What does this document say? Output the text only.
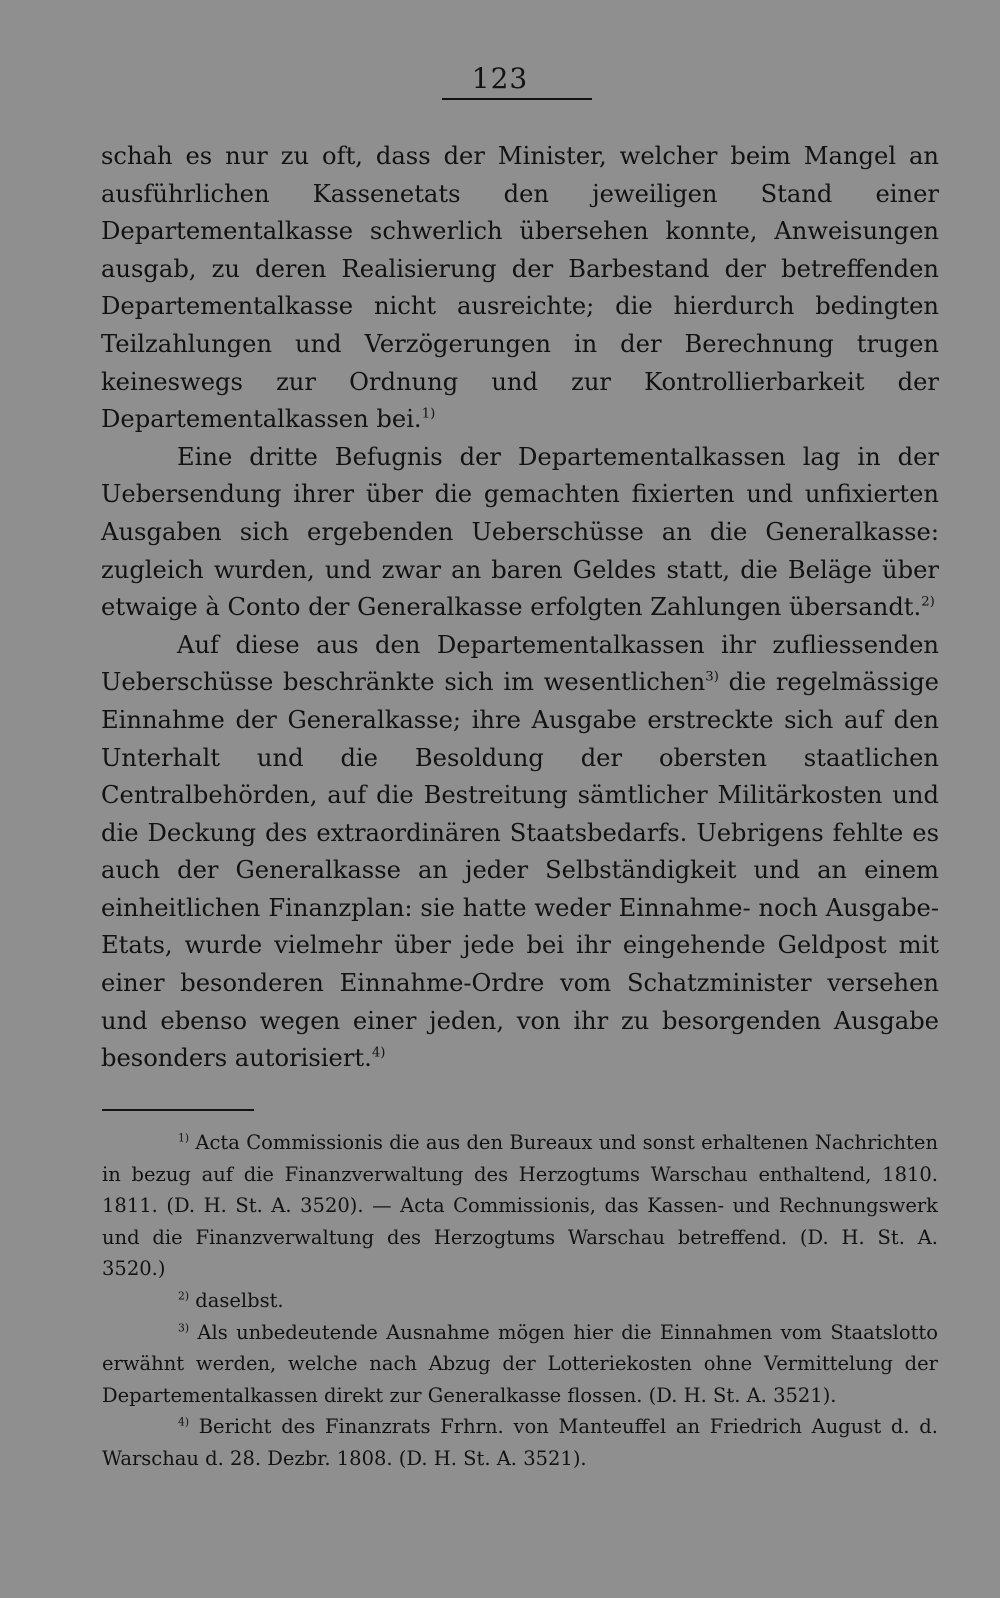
123

schah es nur zu oft, dass der Minister, welcher beim Mangel an ausführlichen Kassenetats den jeweiligen Stand einer Departementalkasse schwerlich übersehen konnte, Anweisungen ausgab, zu deren Realisierung der Barbestand der betreffenden Departementalkasse nicht ausreichte; die hierdurch bedingten Teilzahlungen und Verzögerungen in der Berechnung trugen keineswegs zur Ordnung und zur Kontrollierbarkeit der Departementalkassen bei.$^{1)}$

Eine dritte Befugnis der Departementalkassen lag in der Uebersendung ihrer über die gemachten fixierten und unfixierten Ausgaben sich ergebenden Ueberschüsse an die Generalkasse: zugleich wurden, und zwar an baren Geldes statt, die Beläge über etwaige à Conto der Generalkasse erfolgten Zahlungen übersandt.$^{2)}$

Auf diese aus den Departementalkassen ihr zufliessenden Ueberschüsse beschränkte sich im wesentlichen$^{3)}$ die regelmässige Einnahme der Generalkasse; ihre Ausgabe erstreckte sich auf den Unterhalt und die Besoldung der obersten staatlichen Centralbehörden, auf die Bestreitung sämtlicher Militärkosten und die Deckung des extraordinären Staatsbedarfs. Uebrigens fehlte es auch der Generalkasse an jeder Selbständigkeit und an einem einheitlichen Finanzplan: sie hatte weder Einnahme- noch Ausgabe-Etats, wurde vielmehr über jede bei ihr eingehende Geldpost mit einer besonderen Einnahme-Ordre vom Schatzminister versehen und ebenso wegen einer jeden, von ihr zu besorgenden Ausgabe besonders autorisiert.$^{4)}$

$^{1)}$ Acta Commissionis die aus den Bureaux und sonst erhaltenen Nachrichten in bezug auf die Finanzverwaltung des Herzogtums Warschau enthaltend, 1810. 1811. (D. H. St. A. 3520). — Acta Commissionis, das Kassen- und Rechnungswerk und die Finanzverwaltung des Herzogtums Warschau betreffend. (D. H. St. A. 3520.)

$^{2)}$ daselbst.

$^{3)}$ Als unbedeutende Ausnahme mögen hier die Einnahmen vom Staatslotto erwähnt werden, welche nach Abzug der Lotteriekosten ohne Vermittelung der Departementalkassen direkt zur Generalkasse flossen. (D. H. St. A. 3521).

$^{4)}$ Bericht des Finanzrats Frhrn. von Manteuffel an Friedrich August d. d. Warschau d. 28. Dezbr. 1808. (D. H. St. A. 3521).
